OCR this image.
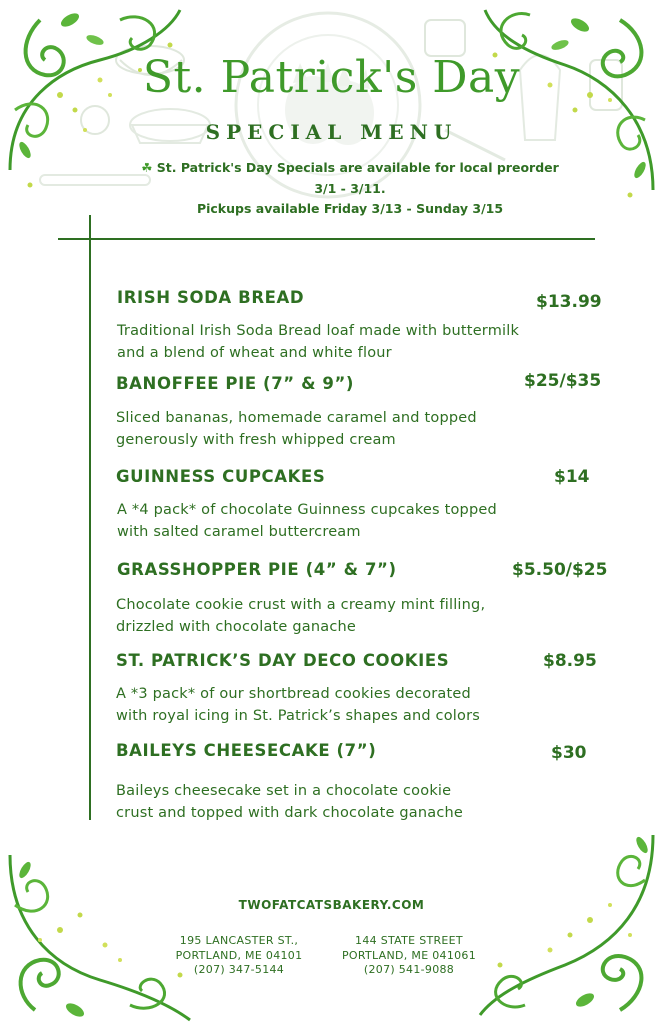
St. Patrick's Day
SPECIAL MENU
☘ St. Patrick's Day Specials are available for local preorder
3/1 - 3/11.
Pickups available Friday 3/13 - Sunday 3/15
IRISH SODA BREAD	$13.99
Traditional Irish Soda Bread loaf made with buttermilk
and a blend of wheat and white flour
BANOFFEE PIE (7” & 9”)	$25/$35
Sliced bananas, homemade caramel and topped
generously with fresh whipped cream
GUINNESS CUPCAKES	$14
A *4 pack* of chocolate Guinness cupcakes topped
with salted caramel buttercream
GRASSHOPPER PIE (4” & 7”)	$5.50/$25
Chocolate cookie crust with a creamy mint filling,
drizzled with chocolate ganache
ST. PATRICK’S DAY DECO COOKIES	$8.95
A *3 pack* of our shortbread cookies decorated
with royal icing in St. Patrick’s shapes and colors
BAILEYS CHEESECAKE (7”)	$30
Baileys cheesecake set in a chocolate cookie
crust and topped with dark chocolate ganache
TWOFATCATSBAKERY.COM
195 LANCASTER ST.,
PORTLAND, ME 04101
(207) 347-5144
144 STATE STREET
PORTLAND, ME 041061
(207) 541-9088
